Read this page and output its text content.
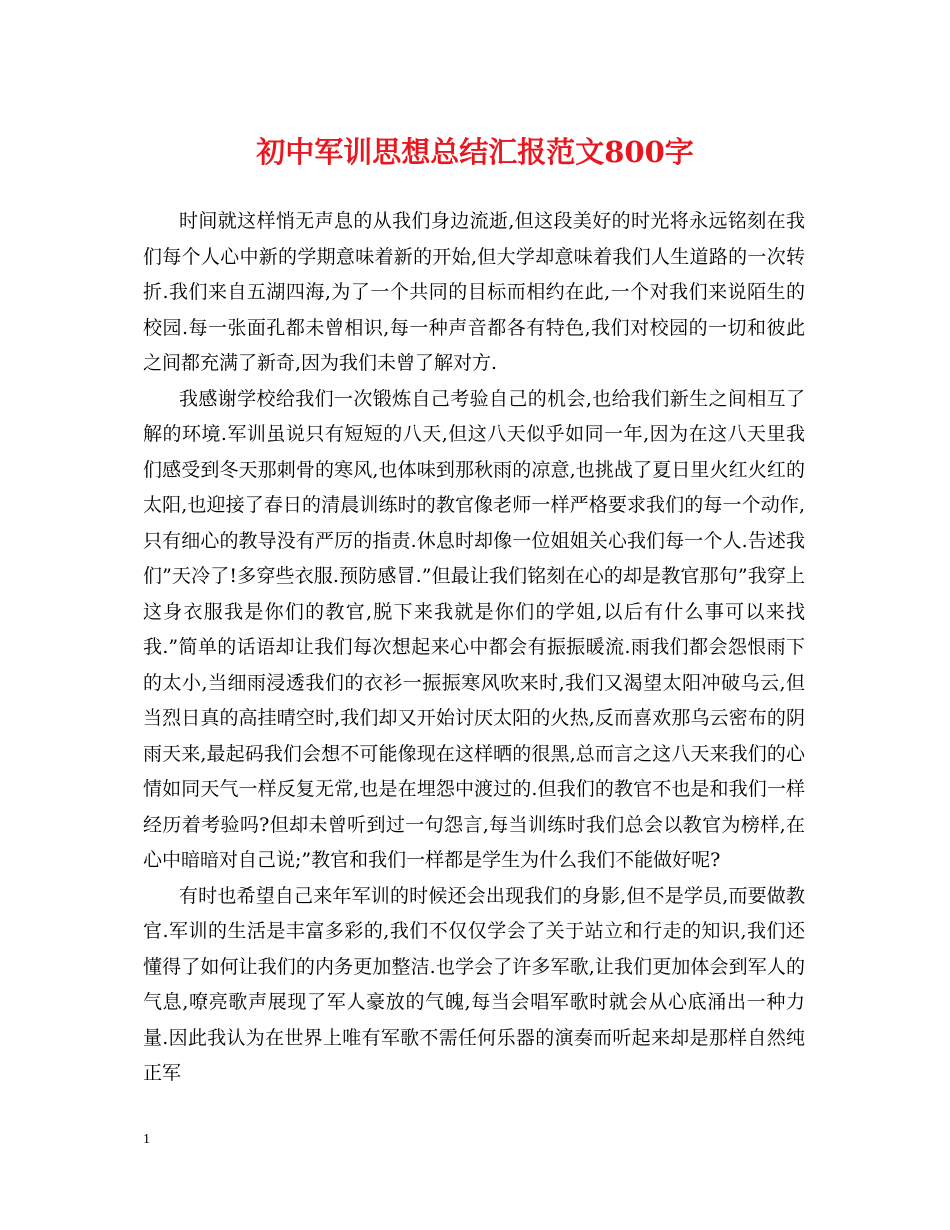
初中军训思想总结汇报范文800字

时间就这样悄无声息的从我们身边流逝,但这段美好的时光将永远铭刻在我们每个人心中新的学期意味着新的开始,但大学却意味着我们人生道路的一次转折.我们来自五湖四海,为了一个共同的目标而相约在此,一个对我们来说陌生的校园.每一张面孔都未曾相识,每一种声音都各有特色,我们对校园的一切和彼此之间都充满了新奇,因为我们未曾了解对方.

我感谢学校给我们一次锻炼自己考验自己的机会,也给我们新生之间相互了解的环境.军训虽说只有短短的八天,但这八天似乎如同一年,因为在这八天里我们感受到冬天那刺骨的寒风,也体味到那秋雨的凉意,也挑战了夏日里火红火红的太阳,也迎接了春日的清晨训练时的教官像老师一样严格要求我们的每一个动作,只有细心的教导没有严厉的指责.休息时却像一位姐姐关心我们每一个人.告述我们”天冷了!多穿些衣服.预防感冒.”但最让我们铭刻在心的却是教官那句”我穿上这身衣服我是你们的教官,脱下来我就是你们的学姐,以后有什么事可以来找我.”简单的话语却让我们每次想起来心中都会有振振暖流.雨我们都会怨恨雨下的太小,当细雨浸透我们的衣衫一振振寒风吹来时,我们又渴望太阳冲破乌云,但当烈日真的高挂晴空时,我们却又开始讨厌太阳的火热,反而喜欢那乌云密布的阴雨天来,最起码我们会想不可能像现在这样晒的很黑,总而言之这八天来我们的心情如同天气一样反复无常,也是在埋怨中渡过的.但我们的教官不也是和我们一样经历着考验吗?但却未曾听到过一句怨言,每当训练时我们总会以教官为榜样,在心中暗暗对自己说;”教官和我们一样都是学生为什么我们不能做好呢?

有时也希望自己来年军训的时候还会出现我们的身影,但不是学员,而要做教官.军训的生活是丰富多彩的,我们不仅仅学会了关于站立和行走的知识,我们还懂得了如何让我们的内务更加整洁.也学会了许多军歌,让我们更加体会到军人的气息,嘹亮歌声展现了军人豪放的气魄,每当会唱军歌时就会从心底涌出一种力量.因此我认为在世界上唯有军歌不需任何乐器的演奏而听起来却是那样自然纯正军

1
